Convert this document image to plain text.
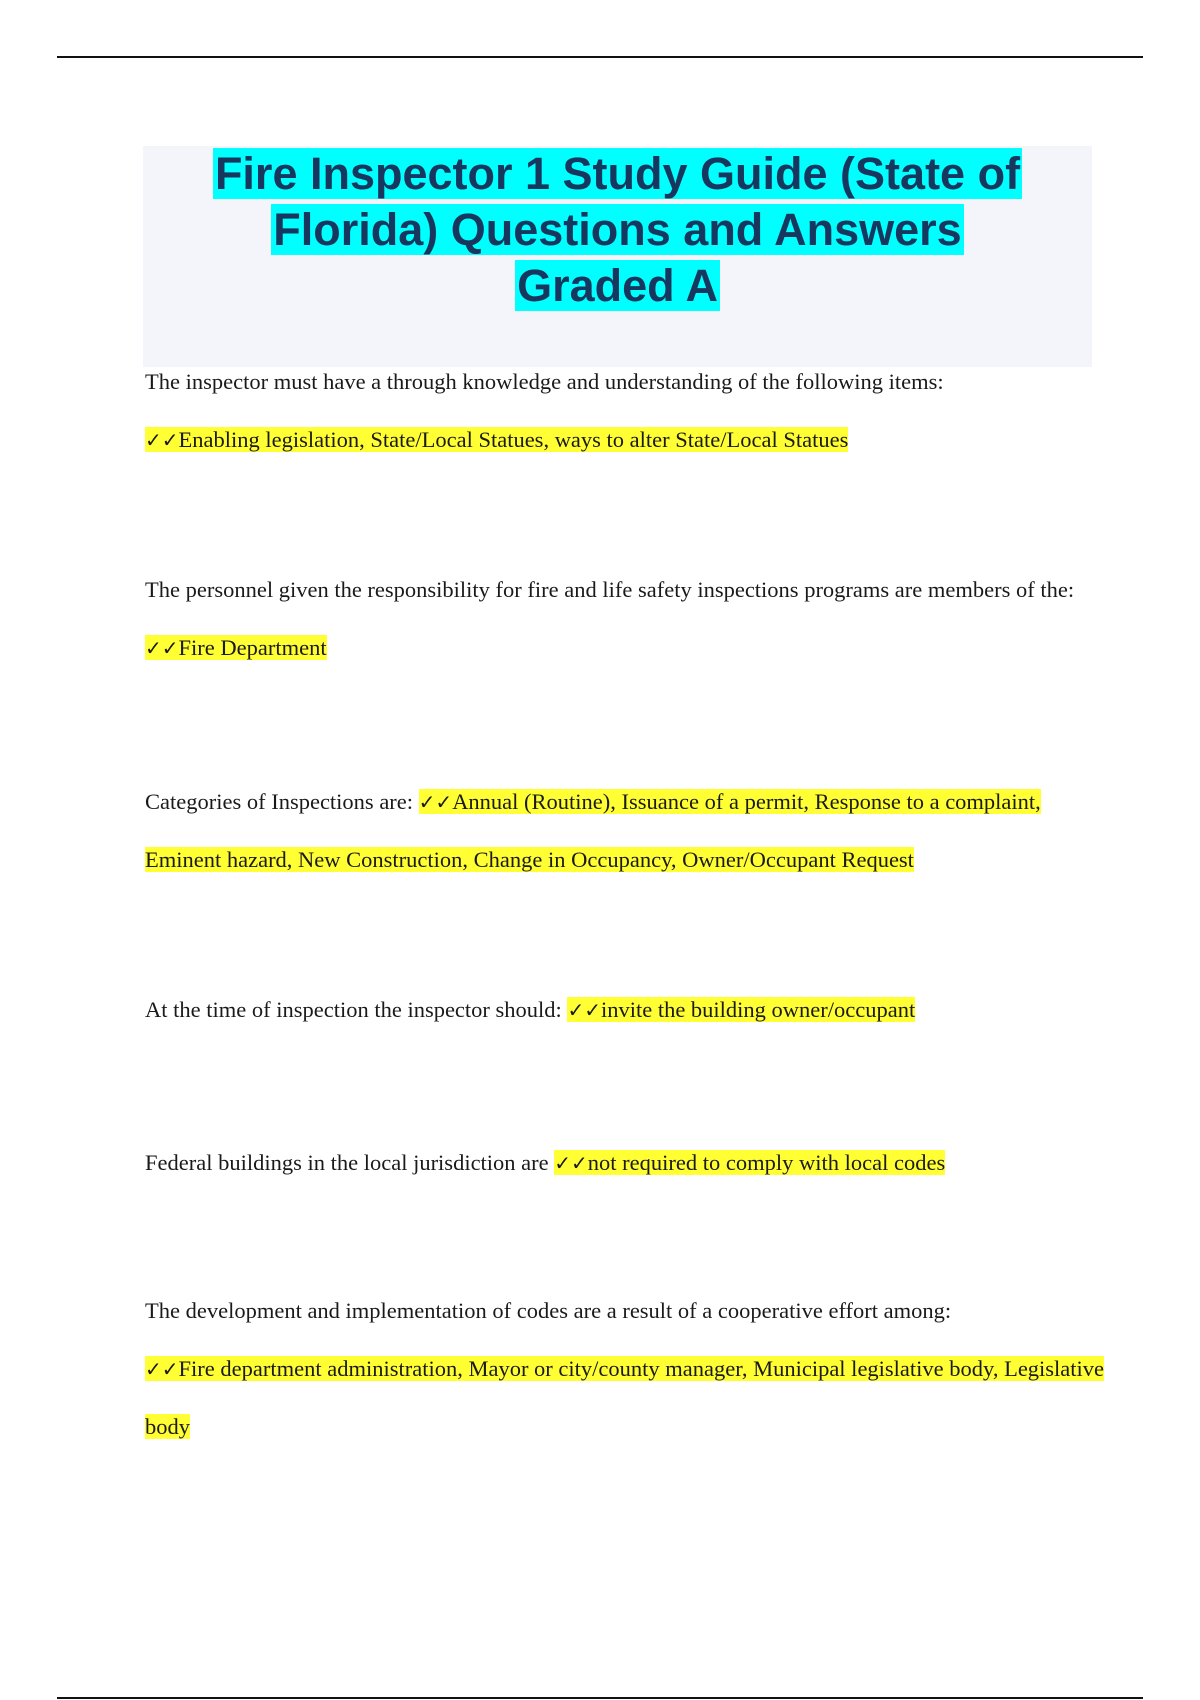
Fire Inspector 1 Study Guide (State of
Florida) Questions and Answers
Graded A

The inspector must have a through knowledge and understanding of the following items:
✓✓Enabling legislation, State/Local Statues, ways to alter State/Local Statues

The personnel given the responsibility for fire and life safety inspections programs are members of the: ✓✓Fire Department

Categories of Inspections are: ✓✓Annual (Routine), Issuance of a permit, Response to a complaint, Eminent hazard, New Construction, Change in Occupancy, Owner/Occupant Request

At the time of inspection the inspector should: ✓✓invite the building owner/occupant

Federal buildings in the local jurisdiction are ✓✓not required to comply with local codes

The development and implementation of codes are a result of a cooperative effort among:
✓✓Fire department administration, Mayor or city/county manager, Municipal legislative body, Legislative body
